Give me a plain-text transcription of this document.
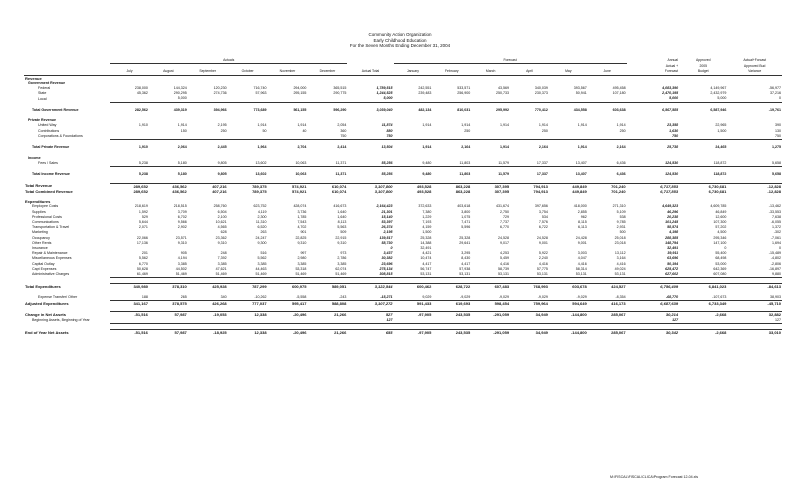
Community Action Organization
Early Childhood Education
For the Seven Months Ending December 31, 2004
	Actuals							Forecast						Annual	Approved	Actual+Forcast
														Actual +	2005	Approved Bud
	July	August	September	October	November	December	Actual Total	January	February	March	April	May	June	Forecast	Budget	Variance
Revenue																
Government Revenue																
Federal	238,000	144,324	120,230	716,740	294,000	365,515	1,789,515	242,551	533,571	43,569	340,039	393,567	495,458	4,083,390	4,149,967	-56,977
State	45,362	290,295	274,736	57,963	295,155	290,775	1,244,525	239,483	256,900	250,733	230,373	50,941	107,180	2,470,195	2,432,979	37,216
Local		5,000					5,000							5,000	5,000	0

Total Government Revenue	282,562	439,319	394,966	773,689	561,155	596,290	3,039,040	482,134	810,031	295,992	770,412	434,558	603,638	6,567,585	6,587,946	-19,761

Private Revenue																
United Way	1,910	1,914	2,195	1,914	1,914	2,054	11,874	1,914	1,914	1,914	1,914	1,914	1,914	23,358	22,965	390
Contributions		150	250	50	40	360	880		250		250		250	1,630	1,500	130
Corporations & Foundations						750	750							750		750

Total Private Revenue	1,910	2,064	2,445	1,964	2,704	2,414	13,504	1,914	2,164	1,914	2,164	1,914	2,164	25,738	24,465	1,275

Income																
Fees / Sales	5,238	5,180	9,805	13,602	10,063	11,371	55,256	9,480	11,803	11,579	17,337	13,407	6,436	124,530	118,872	5,658

Total Income Revenue	5,238	5,180	9,805	13,602	10,063	11,371	55,256	9,480	11,803	11,579	17,337	13,407	6,436	124,530	118,872	5,658

Total Revenue	289,652	436,562	407,216	789,375	574,921	610,074	3,107,800	493,528	863,228	307,395	794,913	449,849	701,240	6,717,853	6,730,681	-12,828
Total Combined Revenue	289,652	436,562	407,216	789,375	574,921	610,074	3,107,800	493,528	863,228	307,395	794,913	449,849	701,240	6,717,853	6,730,681	-12,828

Expenditures																
Employee Costs	218,619	218,515	258,760	623,752	428,074	416,673	2,164,423	372,633	403,618	431,674	397,656	418,000	271,310	4,649,323	4,609,785	-13,462
Supplies	1,592	3,709	6,504	4,119	3,736	1,640	21,301	7,380	3,800	2,750	3,754	2,855	5,109	46,296	46,849	-33,553
Professional Costs	529	6,702	2,100	2,300	1,785	1,640	15,140	1,229	1,075	729	534	962	538	20,238	12,600	7,638
Communications	5,644	9,566	10,621	11,310	7,543	8,113	53,397	7,193	7,471	7,737	7,576	8,115	9,785	101,245	107,300	-6,055
Transportation & Travel	2,071	2,902	4,565	6,520	4,702	5,563	26,374	4,159	5,596	6,770	6,722	6,113	2,931	58,574	57,202	1,372
Marketing			628	263	901	509	2,195	1,500					500	4,198	4,500	-302
Occupancy	22,066	23,571	23,362	24,247	22,825	22,915	139,517	25,328	25,328	24,528	24,528	24,428	25,018	288,385	295,346	-7,061
Other Rents	17,136	9,310	9,310	9,300	9,310	9,310	58,730	14,388	29,641	9,017	9,001	9,001	23,018	148,794	147,100	1,694
Insurance							0	32,491						32,491	0	0
Repair & Maintenance	201	905	248	516	997	973	3,437	4,421	3,295	4,253	5,922	3,003	13,112	39,911	55,400	-15,489
Miscellaneous Expenses	5,562	4,194	7,392	5,562	2,980	2,786	30,382	10,474	8,430	5,459	2,240	4,047	3,164	63,696	68,498	-4,802
Capital Outlay	6,770	3,385	3,385	3,385	3,385	3,385	23,696	4,417	4,417	4,416	4,416	4,416	4,416	50,194	53,000	-2,806
Capt Expenses	50,628	44,502	47,621	44,463	53,318	62,074	275,134	56,747	57,938	58,739	57,775	58,314	49,024	625,472	642,369	-16,897
Administrative Charges	61,469	51,469	51,469	51,469	51,469	51,469	308,815	53,131	53,131	53,131	53,131	53,131	53,131	627,602	607,080	9,880

Total Expenditures	340,980	378,310	425,928	787,299	600,975	589,051	3,122,544	600,462	628,722	607,483	768,993	603,678	424,527	6,756,409	6,841,023	-84,613

Expense Transfer/ Other	188	265	340	-10,262	-5,558	-243	-15,271	9,029	-9,029	-9,029	-9,029	-9,029	-8,354	-68,770	-107,673	38,903
Adjusted Expenditures	341,167	378,575	426,268	777,037	595,417	588,808	3,107,272	591,433	619,693	598,454	759,964	594,649	416,173	6,687,639	6,733,349	-45,710

Change in Net Assets	-51,516	57,987	-19,053	12,338	-20,496	21,266	527	-97,905	243,535	-291,059	34,949	-144,800	285,067	30,214	-2,668	32,882
Beginning Assets, Beginning of Year							127							127		127

End of Year Net Assets	-51,516	57,987	-18,925	12,338	-20,496	21,266	655	-97,905	243,535	-291,059	34,949	-144,800	285,067	30,342	-2,668	33,010
M:\FISCAL\FISCAL\CLICA\Program Forecast 12-04.xls
